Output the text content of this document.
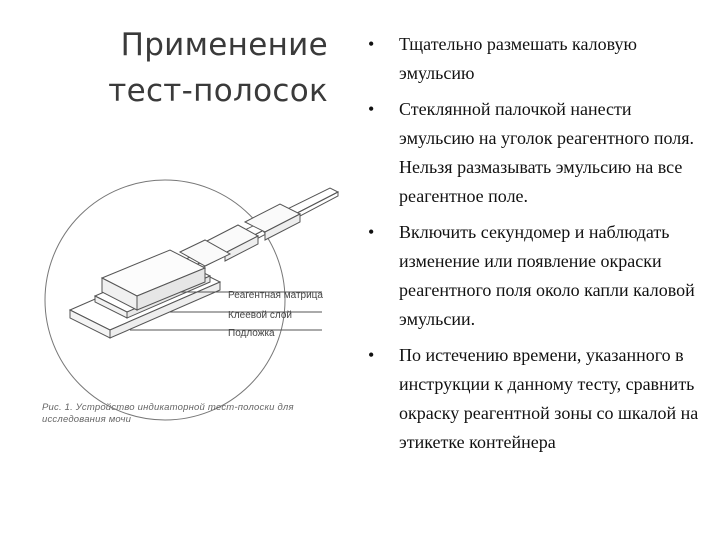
Применение
тест-полосок
• Тщательно размешать каловую эмульсию
• Стеклянной палочкой нанести эмульсию на уголок реагентного поля. Нельзя размазывать эмульсию на все реагентное поле.
• Включить секундомер и наблюдать изменение или появление окраски реагентного поля около капли каловой эмульсии.
• По истечению времени, указанного в инструкции к данному тесту, сравнить окраску реагентной зоны со шкалой на этикетке контейнера
Реагентная матрица
Клеевой слой
Подложка
Рис. 1. Устройство индикаторной тест-полоски для исследования мочи
